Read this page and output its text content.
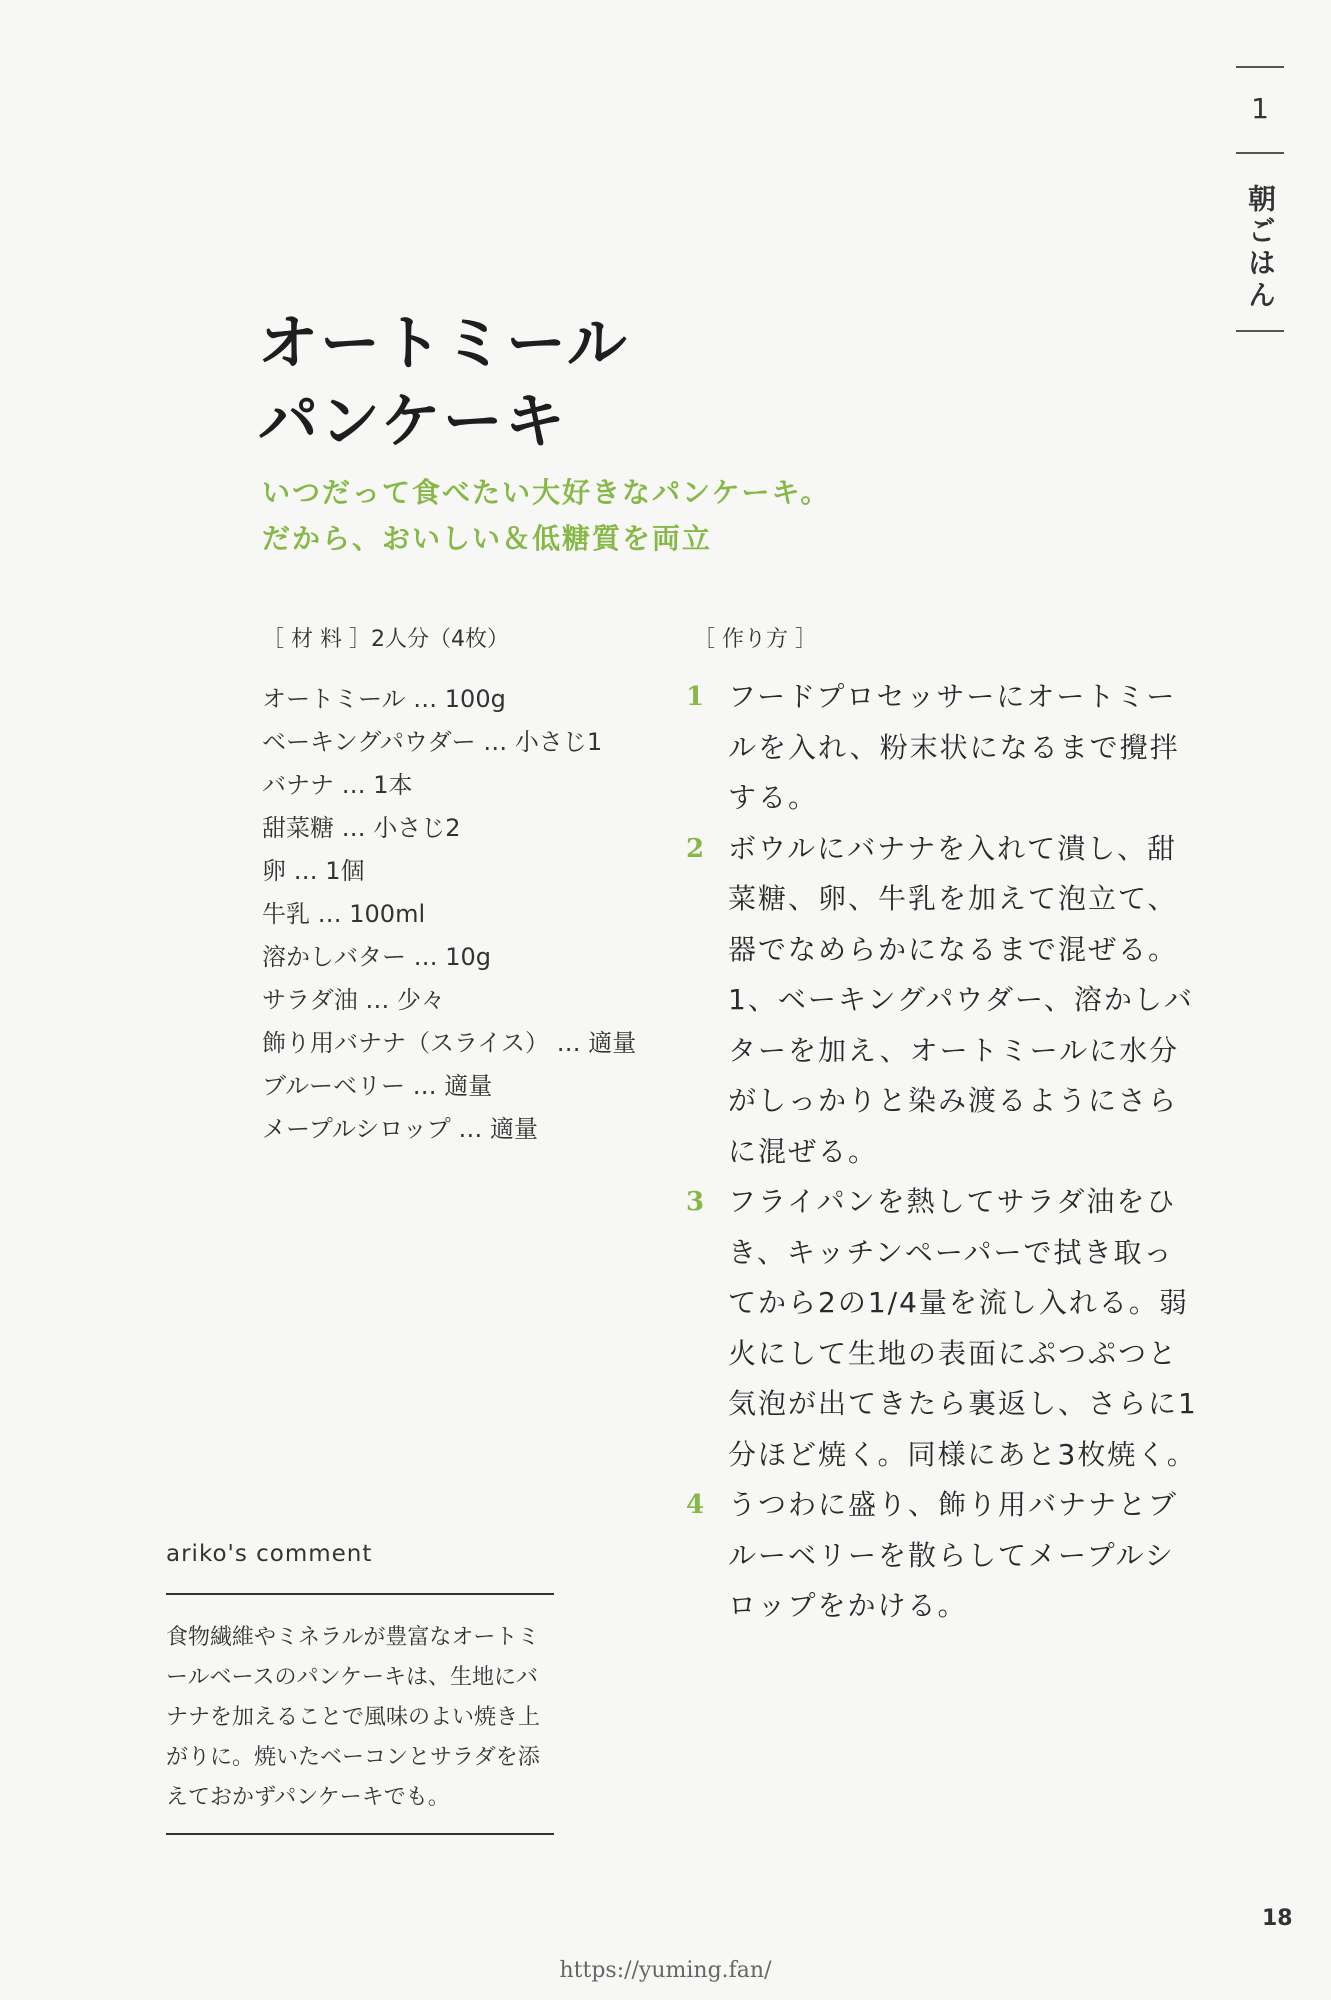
1
朝ごはん
オートミール
パンケーキ
いつだって食べたい大好きなパンケーキ。
だから、おいしい＆低糖質を両立
［ 材 料 ］2人分（4枚）
オートミール … 100g
ベーキングパウダー … 小さじ1
バナナ … 1本
甜菜糖 … 小さじ2
卵 … 1個
牛乳 … 100ml
溶かしバター … 10g
サラダ油 … 少々
飾り用バナナ（スライス） … 適量
ブルーベリー … 適量
メープルシロップ … 適量
［ 作り方 ］
1 フードプロセッサーにオートミールを入れ、粉末状になるまで攪拌する。
2 ボウルにバナナを入れて潰し、甜菜糖、卵、牛乳を加えて泡立て、器でなめらかになるまで混ぜる。1、ベーキングパウダー、溶かしバターを加え、オートミールに水分がしっかりと染み渡るようにさらに混ぜる。
3 フライパンを熱してサラダ油をひき、キッチンペーパーで拭き取ってから2の1/4量を流し入れる。弱火にして生地の表面にぷつぷつと気泡が出てきたら裏返し、さらに1分ほど焼く。同様にあと3枚焼く。
4 うつわに盛り、飾り用バナナとブルーベリーを散らしてメープルシロップをかける。
ariko's comment
食物繊維やミネラルが豊富なオートミールベースのパンケーキは、生地にバナナを加えることで風味のよい焼き上がりに。焼いたベーコンとサラダを添えておかずパンケーキでも。
18
https://yuming.fan/
